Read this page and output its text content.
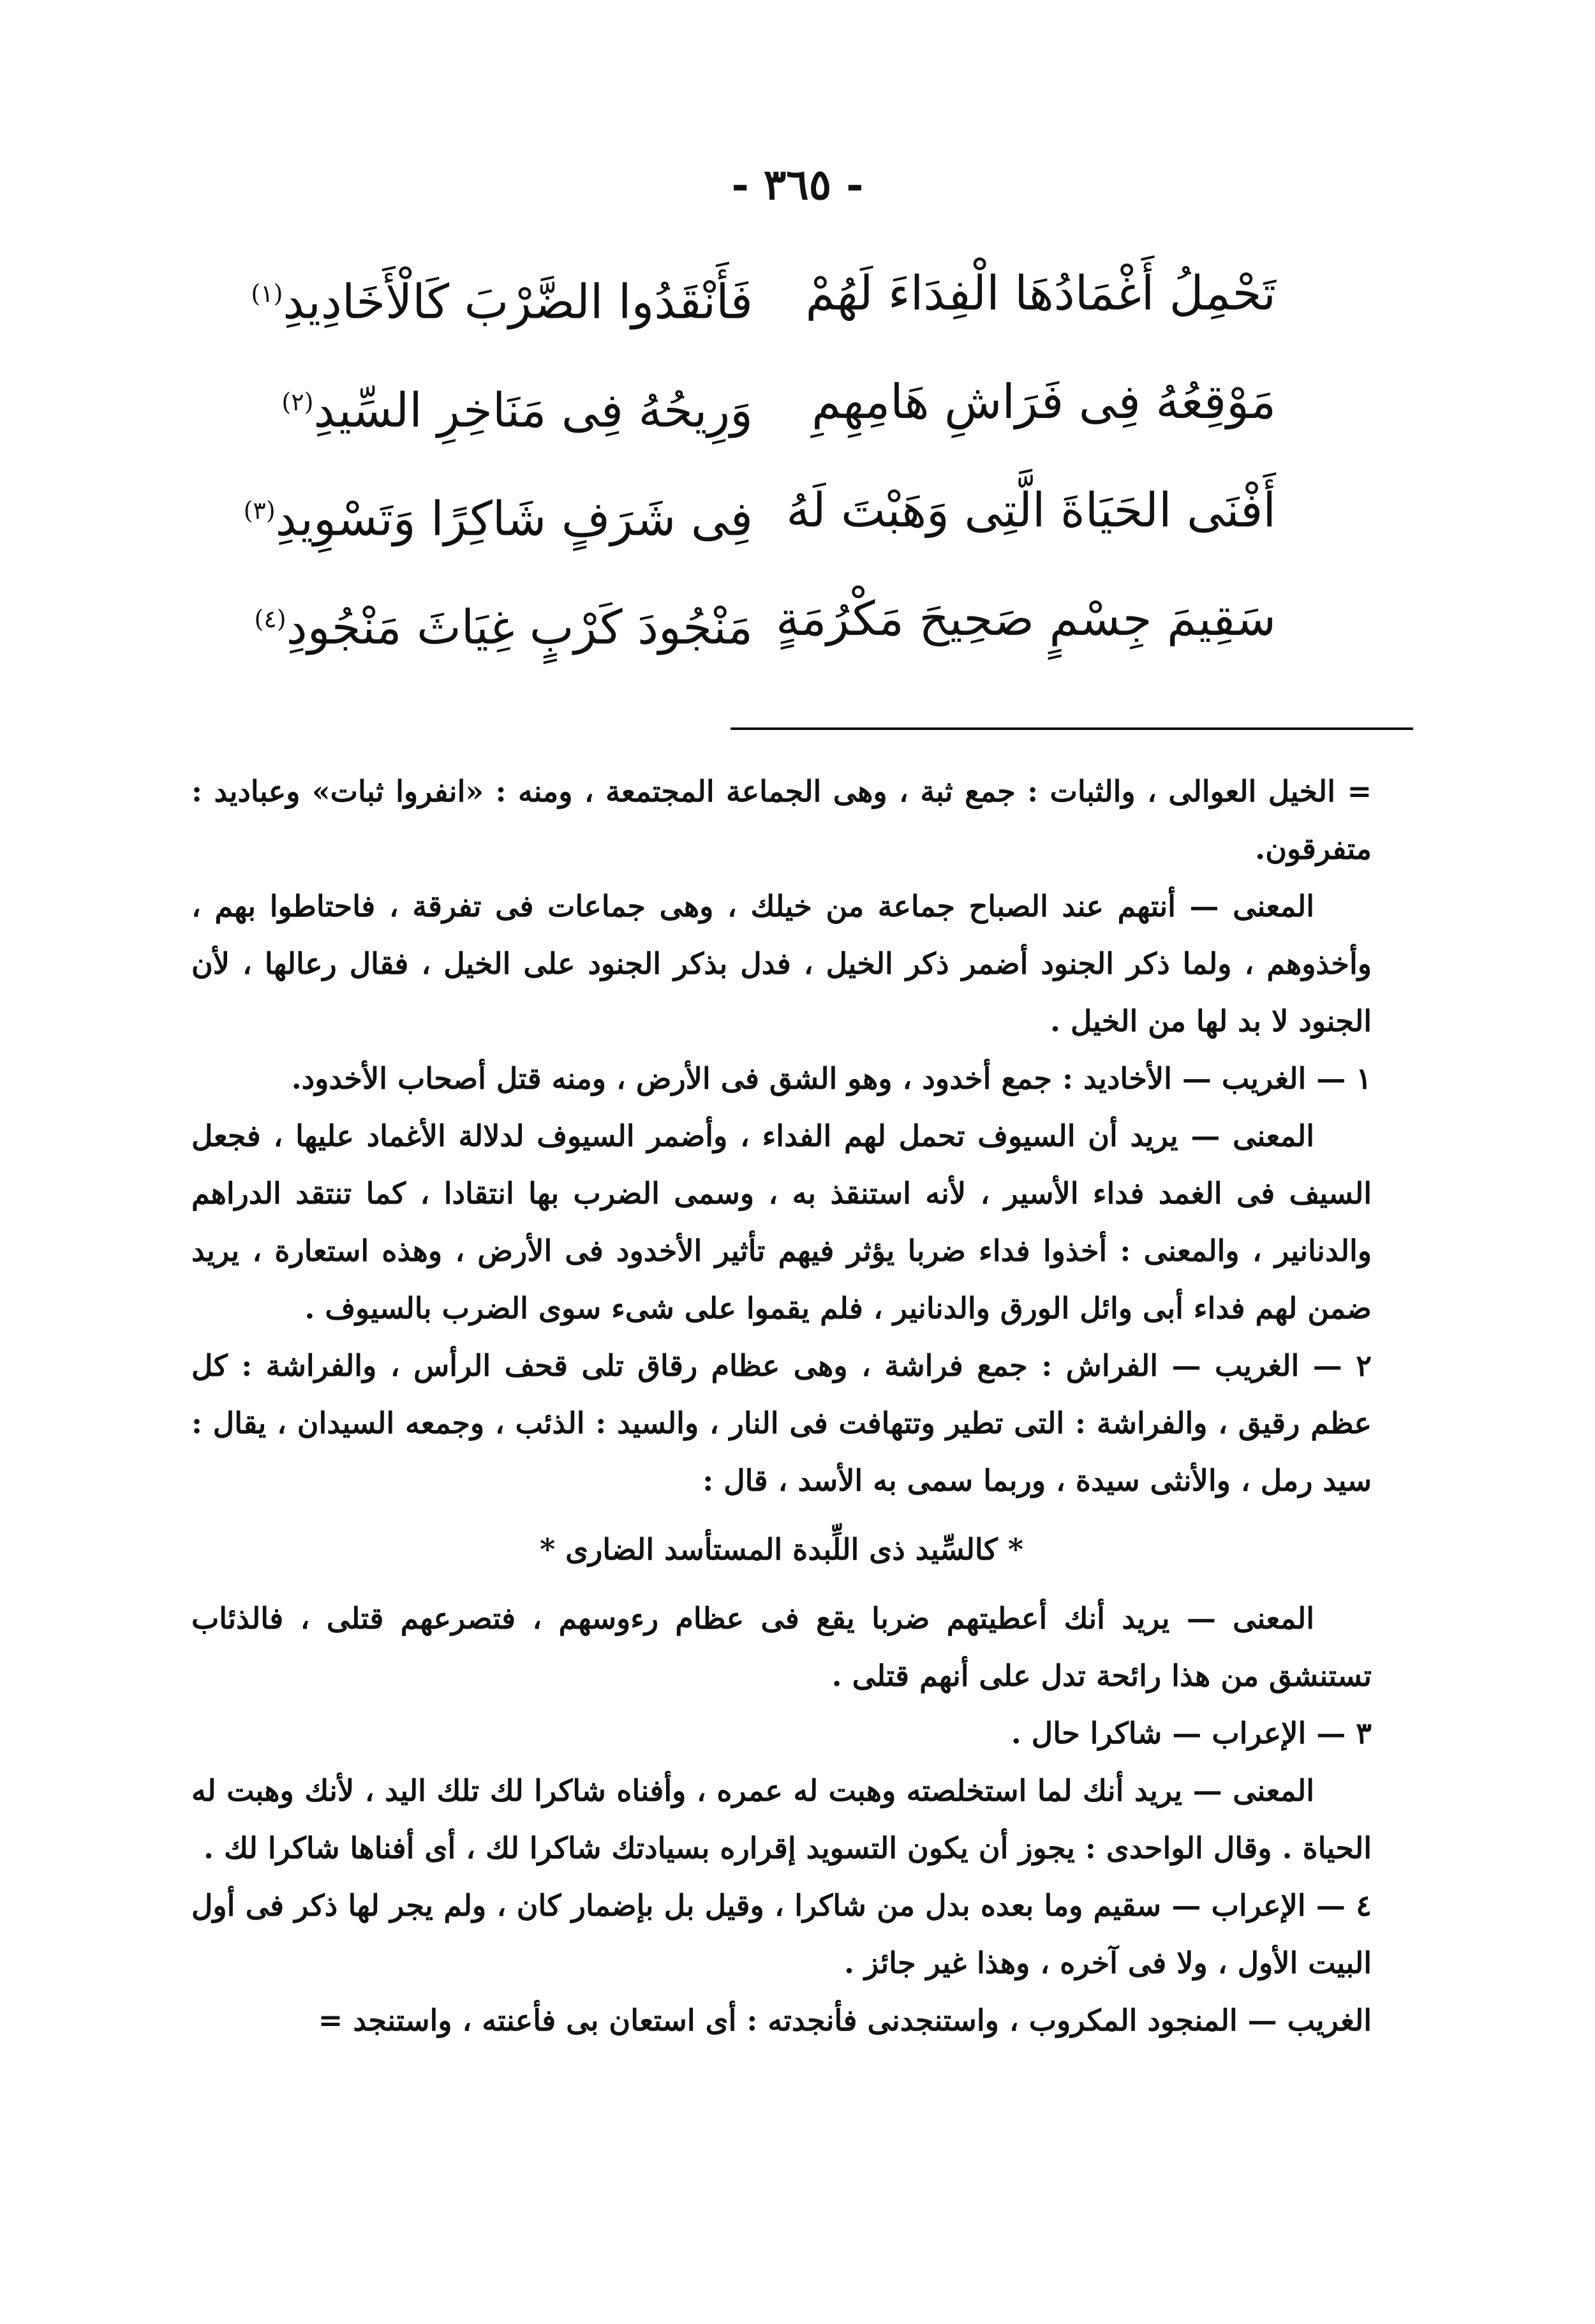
- ٣٦٥ -
تَحْمِلُ أَغْمَادُهَا الْفِدَاءَ لَهُمْ
فَأَنْقَدُوا الضَّرْبَ كَالْأَخَادِيدِ$^{(١)}$
مَوْقِعُهُ فِى فَرَاشِ هَامِهِمِ
وَرِيحُهُ فِى مَنَاخِرِ السِّيدِ$^{(٢)}$
أَفْنَى الحَيَاةَ الَّتِى وَهَبْتَ لَهُ
فِى شَرَفٍ شَاكِرًا وَتَسْوِيدِ$^{(٣)}$
سَقِيمَ جِسْمٍ صَحِيحَ مَكْرُمَةٍ
مَنْجُودَ كَرْبٍ غِيَاثَ مَنْجُودِ$^{(٤)}$

= الخيل العوالى ، والثبات : جمع ثبة ، وهى الجماعة المجتمعة ، ومنه : «انفروا ثبات» وعباديد : متفرقون.

المعنى — أنتهم عند الصباح جماعة من خيلك ، وهى جماعات فى تفرقة ، فاحتاطوا بهم ، وأخذوهم ، ولما ذكر الجنود أضمر ذكر الخيل ، فدل بذكر الجنود على الخيل ، فقال رعالها ، لأن الجنود لا بد لها من الخيل .

١ — الغريب — الأخاديد : جمع أخدود ، وهو الشق فى الأرض ، ومنه قتل أصحاب الأخدود.

المعنى — يريد أن السيوف تحمل لهم الفداء ، وأضمر السيوف لدلالة الأغماد عليها ، فجعل السيف فى الغمد فداء الأسير ، لأنه استنقذ به ، وسمى الضرب بها انتقادا ، كما تنتقد الدراهم والدنانير ، والمعنى : أخذوا فداء ضربا يؤثر فيهم تأثير الأخدود فى الأرض ، وهذه استعارة ، يريد ضمن لهم فداء أبى وائل الورق والدنانير ، فلم يقموا على شىء سوى الضرب بالسيوف .

٢ — الغريب — الفراش : جمع فراشة ، وهى عظام رقاق تلى قحف الرأس ، والفراشة : كل عظم رقيق ، والفراشة : التى تطير وتتهافت فى النار ، والسيد : الذئب ، وجمعه السيدان ، يقال : سيد رمل ، والأنثى سيدة ، وربما سمى به الأسد ، قال :

* كالسِّيد ذى اللِّبدة المستأسد الضارى *

المعنى — يريد أنك أعطيتهم ضربا يقع فى عظام رءوسهم ، فتصرعهم قتلى ، فالذئاب تستنشق من هذا رائحة تدل على أنهم قتلى .

٣ — الإعراب — شاكرا حال .

المعنى — يريد أنك لما استخلصته وهبت له عمره ، وأفناه شاكرا لك تلك اليد ، لأنك وهبت له الحياة . وقال الواحدى : يجوز أن يكون التسويد إقراره بسيادتك شاكرا لك ، أى أفناها شاكرا لك .

٤ — الإعراب — سقيم وما بعده بدل من شاكرا ، وقيل بل بإضمار كان ، ولم يجر لها ذكر فى أول البيت الأول ، ولا فى آخره ، وهذا غير جائز .

الغريب — المنجود المكروب ، واستنجدنى فأنجدته : أى استعان بى فأعنته ، واستنجد =
